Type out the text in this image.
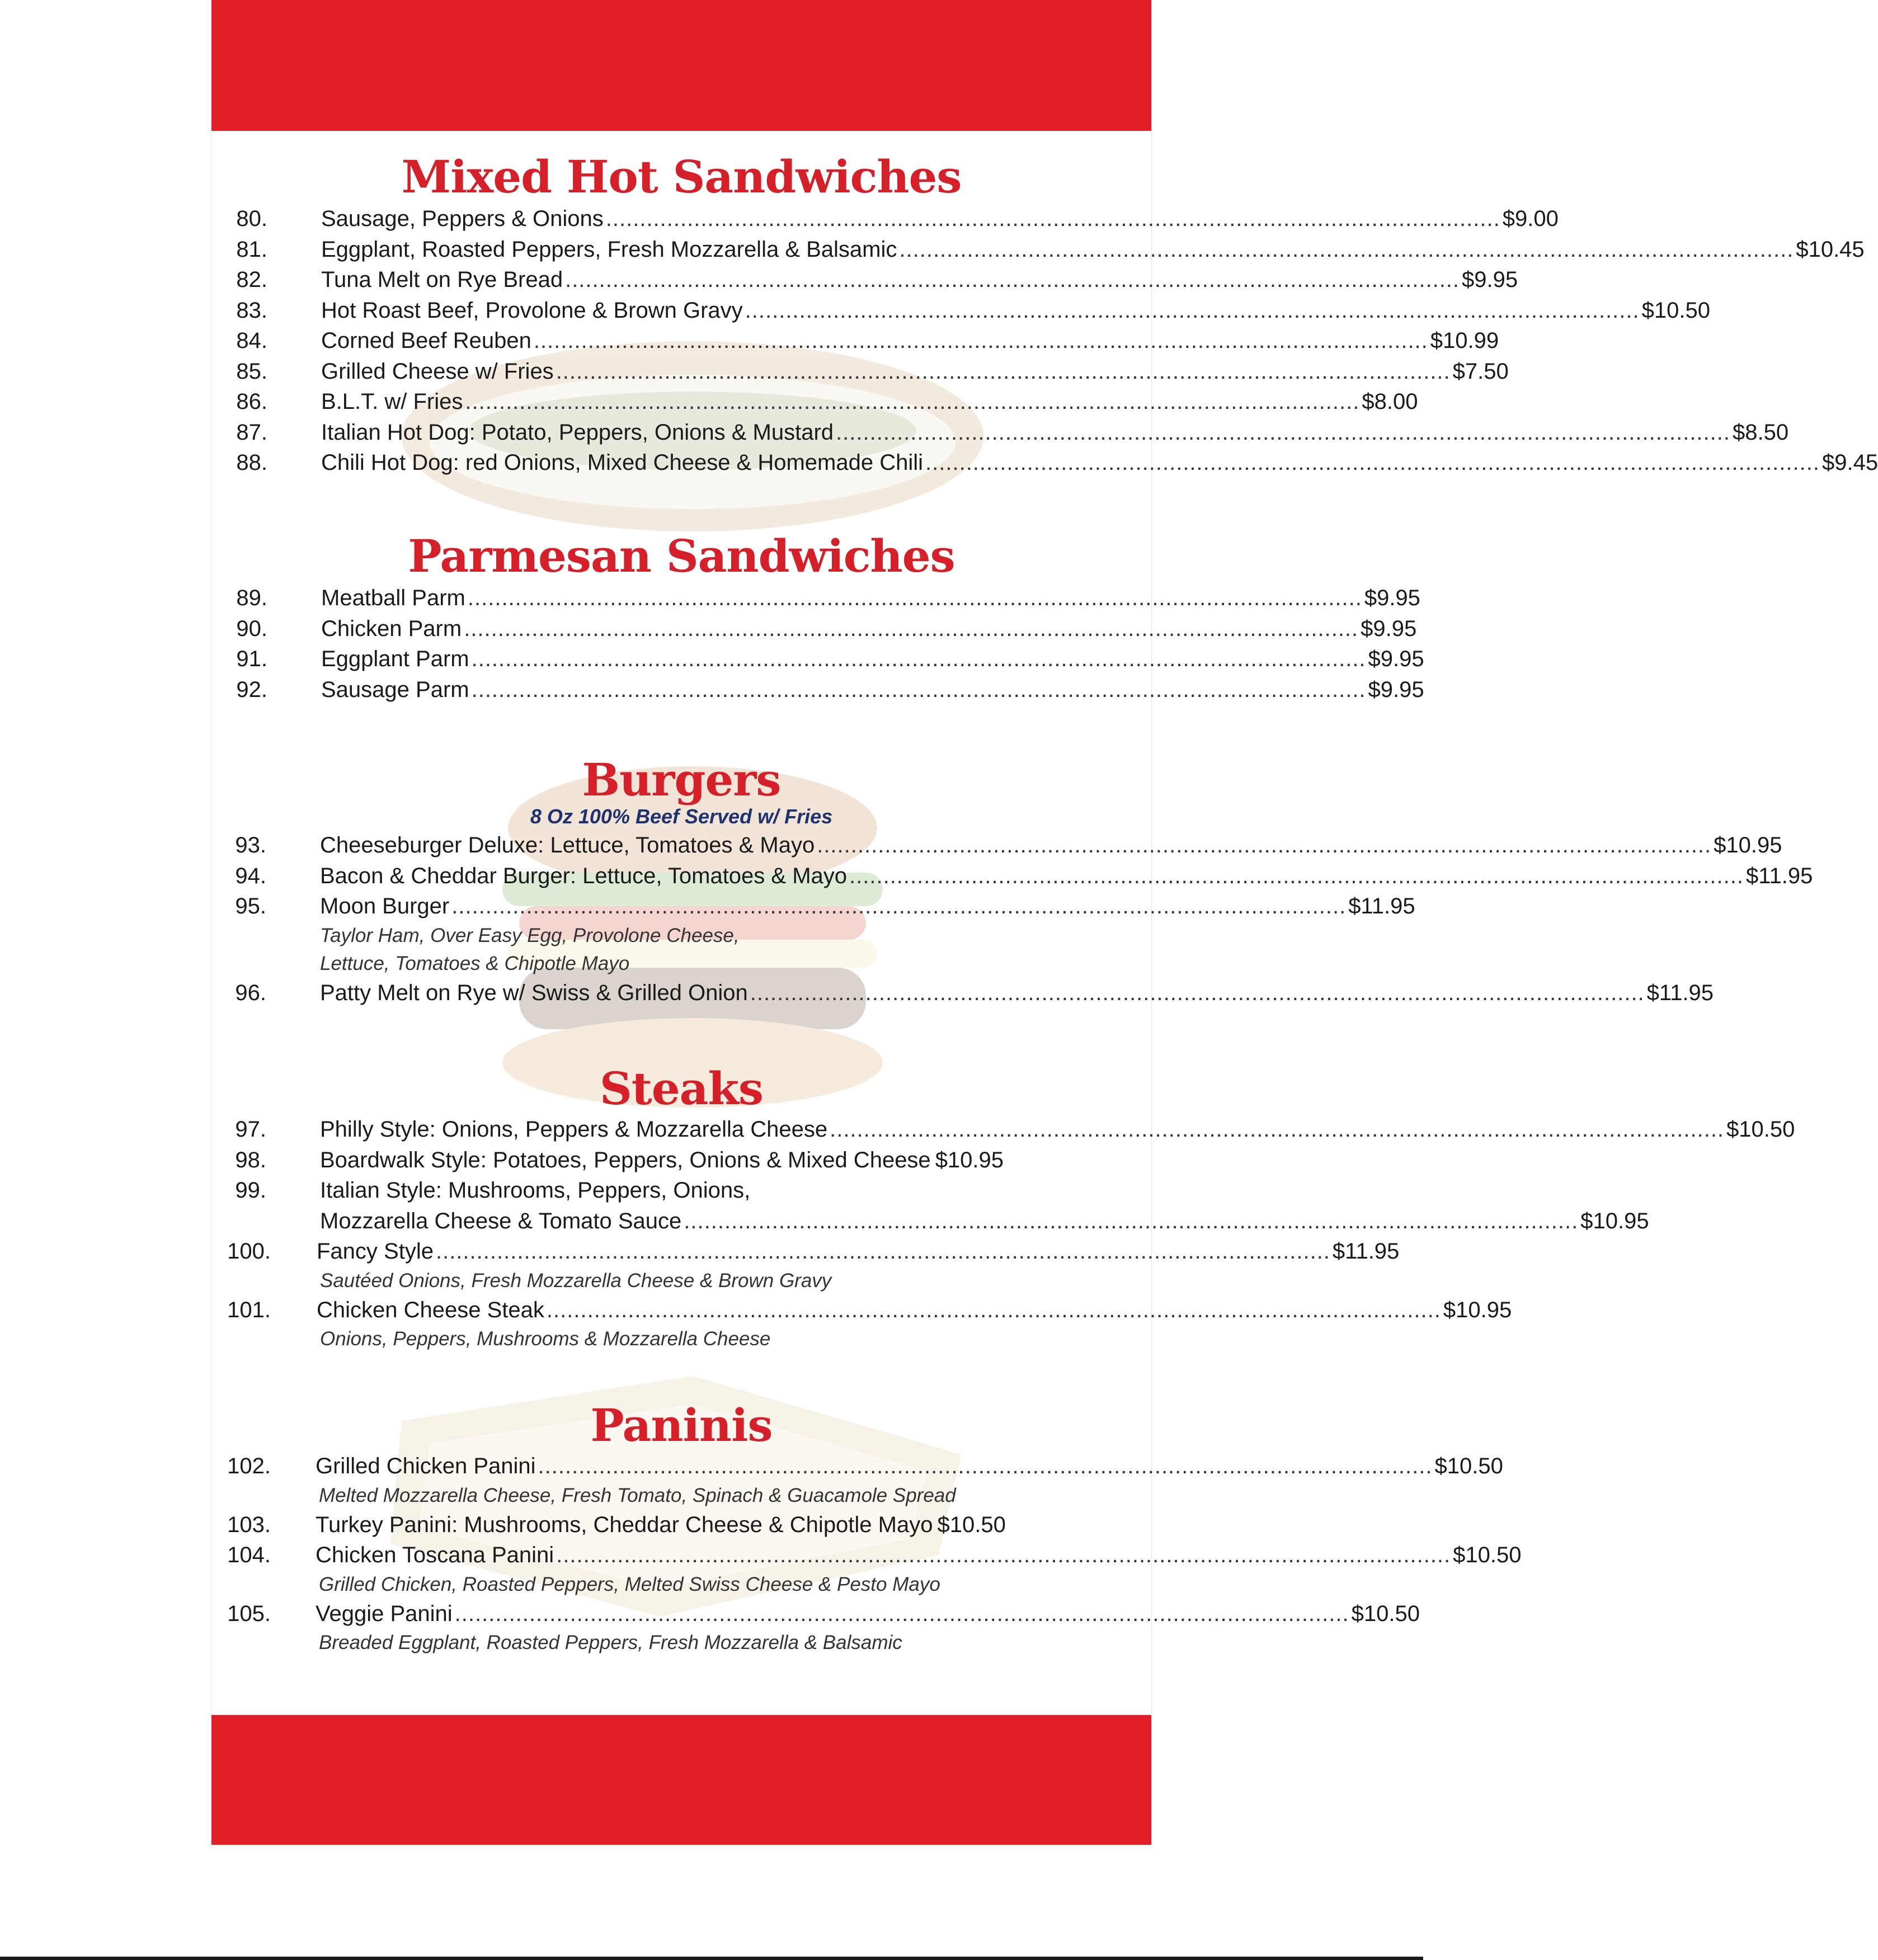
Mixed Hot Sandwiches
80. Sausage, Peppers & Onions .................................................................................................................................... $9.00
81. Eggplant, Roasted Peppers, Fresh Mozzarella & Balsamic .................................................................................................................................... $10.45
82. Tuna Melt on Rye Bread .................................................................................................................................... $9.95
83. Hot Roast Beef, Provolone & Brown Gravy .................................................................................................................................... $10.50
84. Corned Beef Reuben .................................................................................................................................... $10.99
85. Grilled Cheese w/ Fries .................................................................................................................................... $7.50
86. B.L.T. w/ Fries .................................................................................................................................... $8.00
87. Italian Hot Dog: Potato, Peppers, Onions & Mustard .................................................................................................................................... $8.50
88. Chili Hot Dog: red Onions, Mixed Cheese & Homemade Chili .................................................................................................................................... $9.45
Parmesan Sandwiches
89. Meatball Parm .................................................................................................................................... $9.95
90. Chicken Parm .................................................................................................................................... $9.95
91. Eggplant Parm .................................................................................................................................... $9.95
92. Sausage Parm .................................................................................................................................... $9.95
Burgers
8 Oz 100% Beef Served w/ Fries
93. Cheeseburger Deluxe: Lettuce, Tomatoes & Mayo .................................................................................................................................... $10.95
94. Bacon & Cheddar Burger: Lettuce, Tomatoes & Mayo .................................................................................................................................... $11.95
95. Moon Burger .................................................................................................................................... $11.95
Taylor Ham, Over Easy Egg, Provolone Cheese,
Lettuce, Tomatoes & Chipotle Mayo
96. Patty Melt on Rye w/ Swiss & Grilled Onion .................................................................................................................................... $11.95
Steaks
97. Philly Style: Onions, Peppers & Mozzarella Cheese .................................................................................................................................... $10.50
98. Boardwalk Style: Potatoes, Peppers, Onions & Mixed Cheese $10.95
99. Italian Style: Mushrooms, Peppers, Onions,
Mozzarella Cheese & Tomato Sauce .................................................................................................................................... $10.95
100. Fancy Style .................................................................................................................................... $11.95
Sautéed Onions, Fresh Mozzarella Cheese & Brown Gravy
101. Chicken Cheese Steak .................................................................................................................................... $10.95
Onions, Peppers, Mushrooms & Mozzarella Cheese
Paninis
102. Grilled Chicken Panini .................................................................................................................................... $10.50
Melted Mozzarella Cheese, Fresh Tomato, Spinach & Guacamole Spread
103. Turkey Panini: Mushrooms, Cheddar Cheese & Chipotle Mayo $10.50
104. Chicken Toscana Panini .................................................................................................................................... $10.50
Grilled Chicken, Roasted Peppers, Melted Swiss Cheese & Pesto Mayo
105. Veggie Panini .................................................................................................................................... $10.50
Breaded Eggplant, Roasted Peppers, Fresh Mozzarella & Balsamic
